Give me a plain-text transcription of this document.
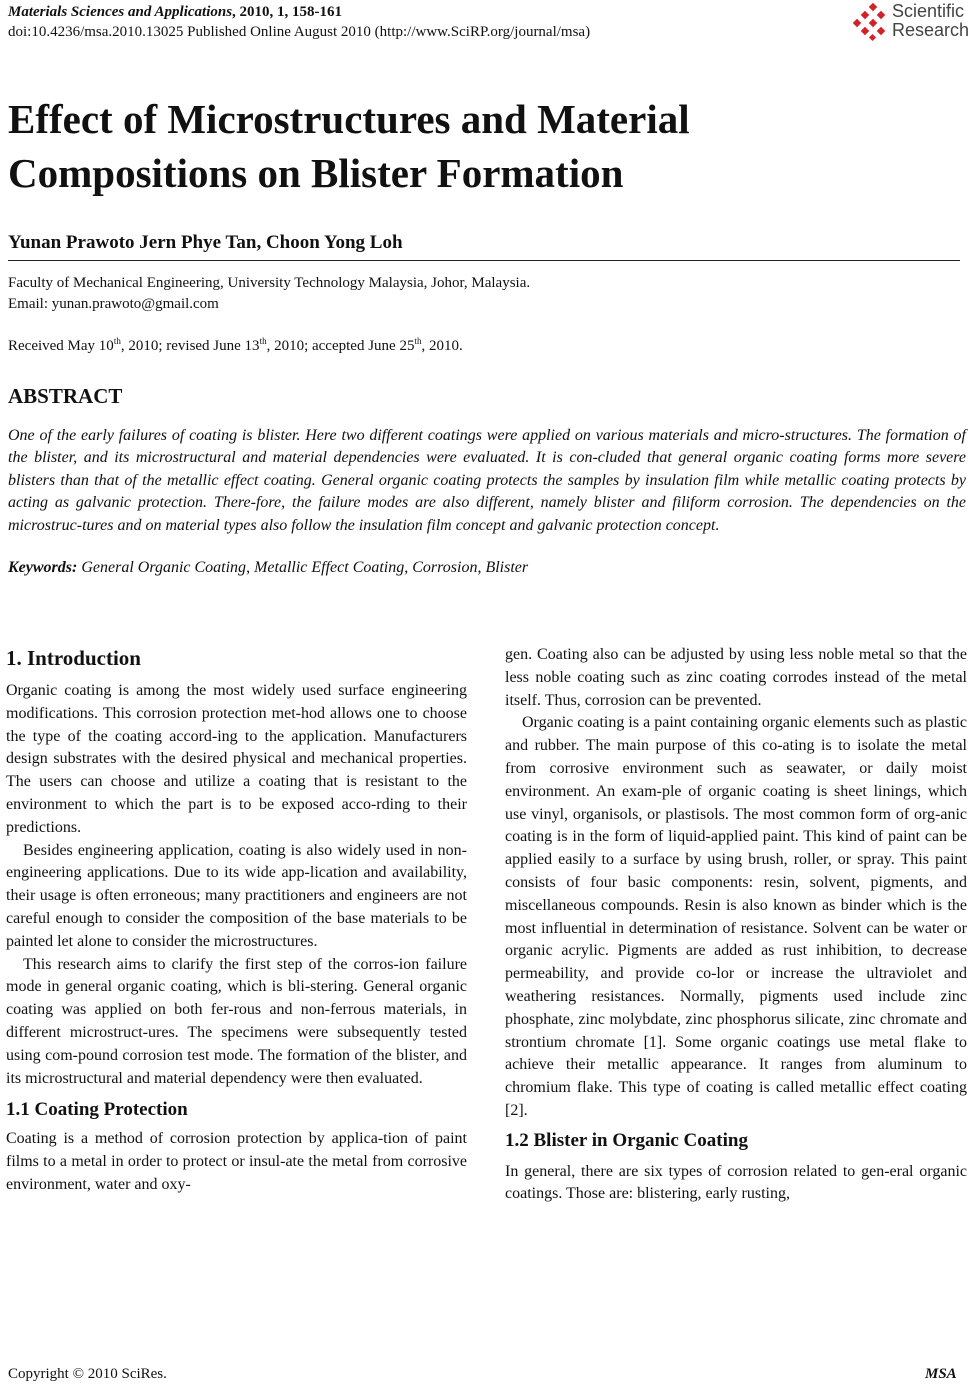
Materials Sciences and Applications, 2010, 1, 158-161
doi:10.4236/msa.2010.13025 Published Online August 2010 (http://www.SciRP.org/journal/msa)
Scientific
Research
Effect of Microstructures and Material
Compositions on Blister Formation
Yunan Prawoto Jern Phye Tan, Choon Yong Loh
Faculty of Mechanical Engineering, University Technology Malaysia, Johor, Malaysia.
Email: yunan.prawoto@gmail.com
Received May 10th, 2010; revised June 13th, 2010; accepted June 25th, 2010.
ABSTRACT
One of the early failures of coating is blister. Here two different coatings were applied on various materials and micro-structures. The formation of the blister, and its microstructural and material dependencies were evaluated. It is con-cluded that general organic coating forms more severe blisters than that of the metallic effect coating. General organic coating protects the samples by insulation film while metallic coating protects by acting as galvanic protection. There-fore, the failure modes are also different, namely blister and filiform corrosion. The dependencies on the microstruc-tures and on material types also follow the insulation film concept and galvanic protection concept.
Keywords: General Organic Coating, Metallic Effect Coating, Corrosion, Blister
1. Introduction

Organic coating is among the most widely used surface engineering modifications. This corrosion protection met-hod allows one to choose the type of the coating accord-ing to the application. Manufacturers design substrates with the desired physical and mechanical properties. The users can choose and utilize a coating that is resistant to the environment to which the part is to be exposed acco-rding to their predictions.

Besides engineering application, coating is also widely used in non-engineering applications. Due to its wide app-lication and availability, their usage is often erroneous; many practitioners and engineers are not careful enough to consider the composition of the base materials to be painted let alone to consider the microstructures.

This research aims to clarify the first step of the corros-ion failure mode in general organic coating, which is bli-stering. General organic coating was applied on both fer-rous and non-ferrous materials, in different microstruct-ures. The specimens were subsequently tested using com-pound corrosion test mode. The formation of the blister, and its microstructural and material dependency were then evaluated.

1.1 Coating Protection

Coating is a method of corrosion protection by applica-tion of paint films to a metal in order to protect or insul-ate the metal from corrosive environment, water and oxy-

gen. Coating also can be adjusted by using less noble metal so that the less noble coating such as zinc coating corrodes instead of the metal itself. Thus, corrosion can be prevented.

Organic coating is a paint containing organic elements such as plastic and rubber. The main purpose of this co-ating is to isolate the metal from corrosive environment such as seawater, or daily moist environment. An exam-ple of organic coating is sheet linings, which use vinyl, organisols, or plastisols. The most common form of org-anic coating is in the form of liquid-applied paint. This kind of paint can be applied easily to a surface by using brush, roller, or spray. This paint consists of four basic components: resin, solvent, pigments, and miscellaneous compounds. Resin is also known as binder which is the most influential in determination of resistance. Solvent can be water or organic acrylic. Pigments are added as rust inhibition, to decrease permeability, and provide co-lor or increase the ultraviolet and weathering resistances. Normally, pigments used include zinc phosphate, zinc molybdate, zinc phosphorus silicate, zinc chromate and strontium chromate [1]. Some organic coatings use metal flake to achieve their metallic appearance. It ranges from aluminum to chromium flake. This type of coating is called metallic effect coating [2].

1.2 Blister in Organic Coating

In general, there are six types of corrosion related to gen-eral organic coatings. Those are: blistering, early rusting,

Copyright © 2010 SciRes.	MSA
